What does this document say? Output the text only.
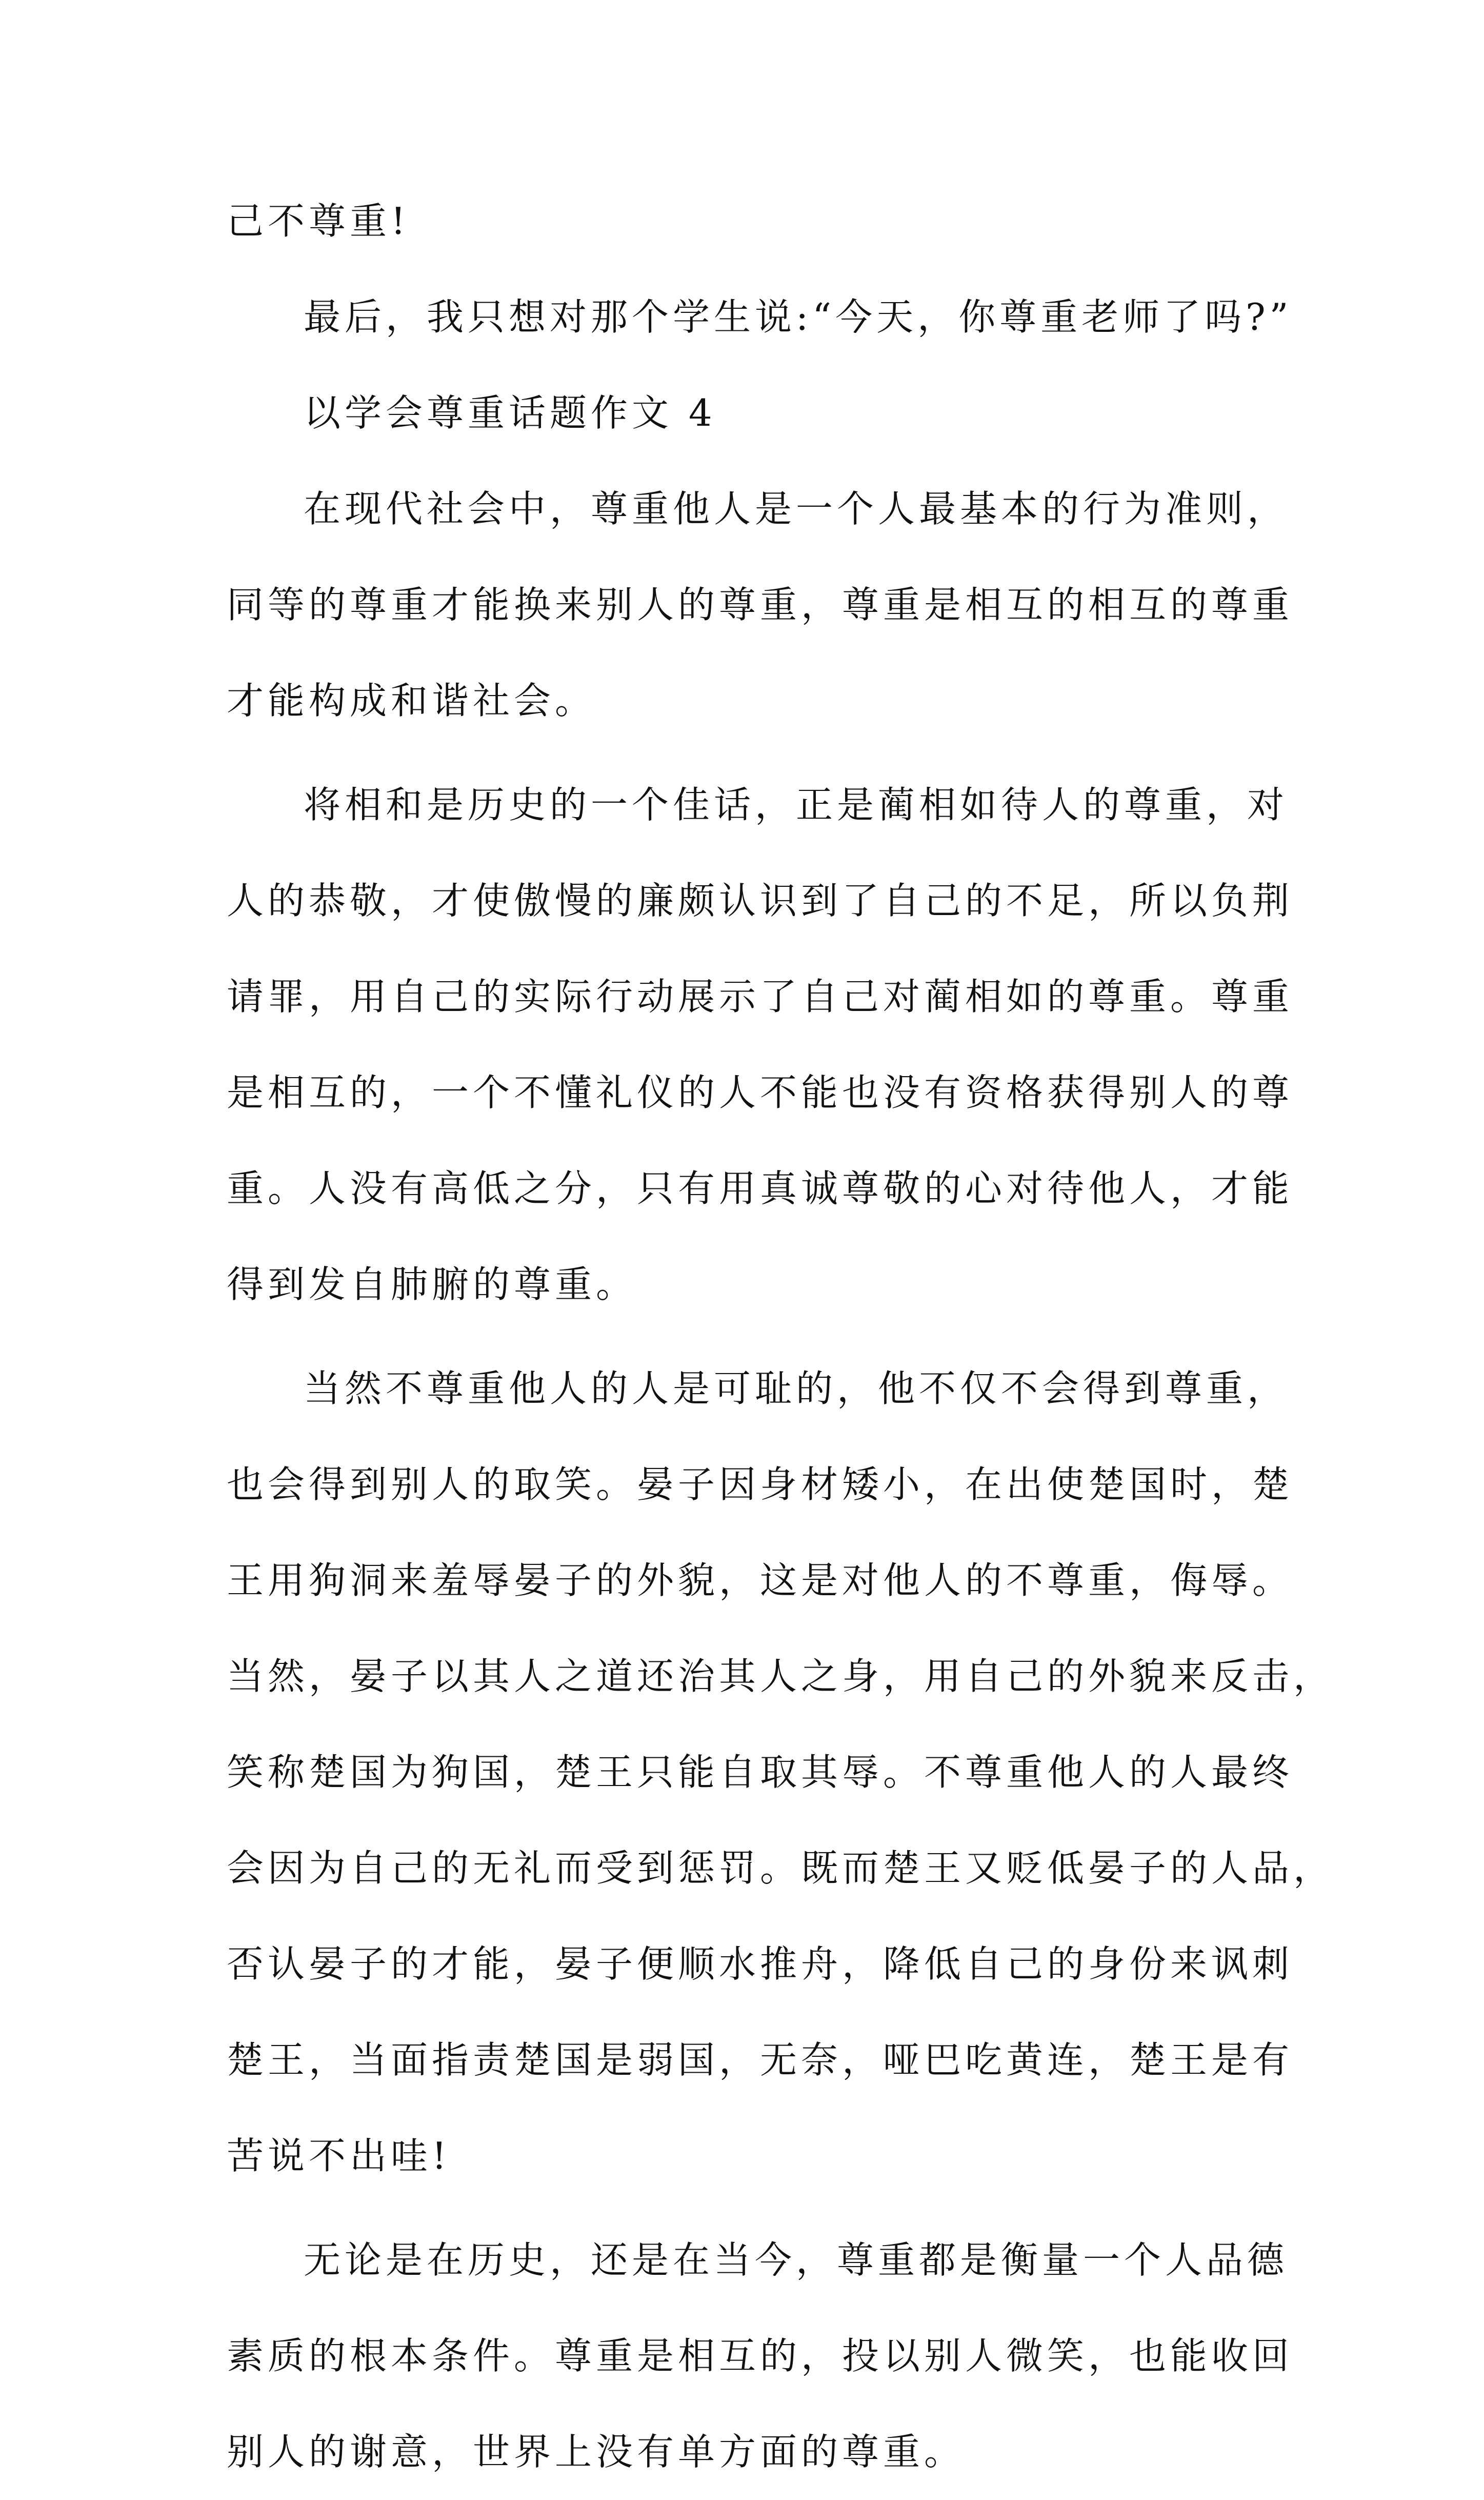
己不尊重!
最后，我只想对那个学生说:“今天，你尊重老师了吗?”
以学会尊重话题作文 4
在现代社会中，尊重他人是一个人最基本的行为准则，
同等的尊重才能换来别人的尊重，尊重是相互的相互的尊重
才能构成和谐社会。
将相和是历史的一个佳话，正是蔺相如待人的尊重，对
人的恭敬，才使傲慢的廉颇认识到了自己的不足，所以负荆
请罪，用自己的实际行动展示了自己对蔺相如的尊重。尊重
是相互的，一个不懂礼仪的人不能也没有资格获得别人的尊
重。人没有高低之分，只有用真诚尊敬的心对待他人，才能
得到发自肺腑的尊重。
当然不尊重他人的人是可耻的，他不仅不会得到尊重，
也会得到别人的取笑。晏子因身材矮小，在出使楚国时，楚
王用狗洞来羞辱晏子的外貌，这是对他人的不尊重，侮辱。
当然，晏子以其人之道还治其人之身，用自己的外貌来反击，
笑称楚国为狗国，楚王只能自取其辱。不尊重他人的人最终
会因为自己的无礼而受到惩罚。既而楚王又贬低晏子的人品，
否认晏子的才能，晏子便顺水推舟，降低自己的身份来讽刺
楚王，当面指责楚国是弱国，无奈，哑巴吃黄连，楚王是有
苦说不出哇!
无论是在历史，还是在当今，尊重都是衡量一个人品德
素质的根本条件。尊重是相互的，投以别人微笑，也能收回
别人的谢意，世界上没有单方面的尊重。
